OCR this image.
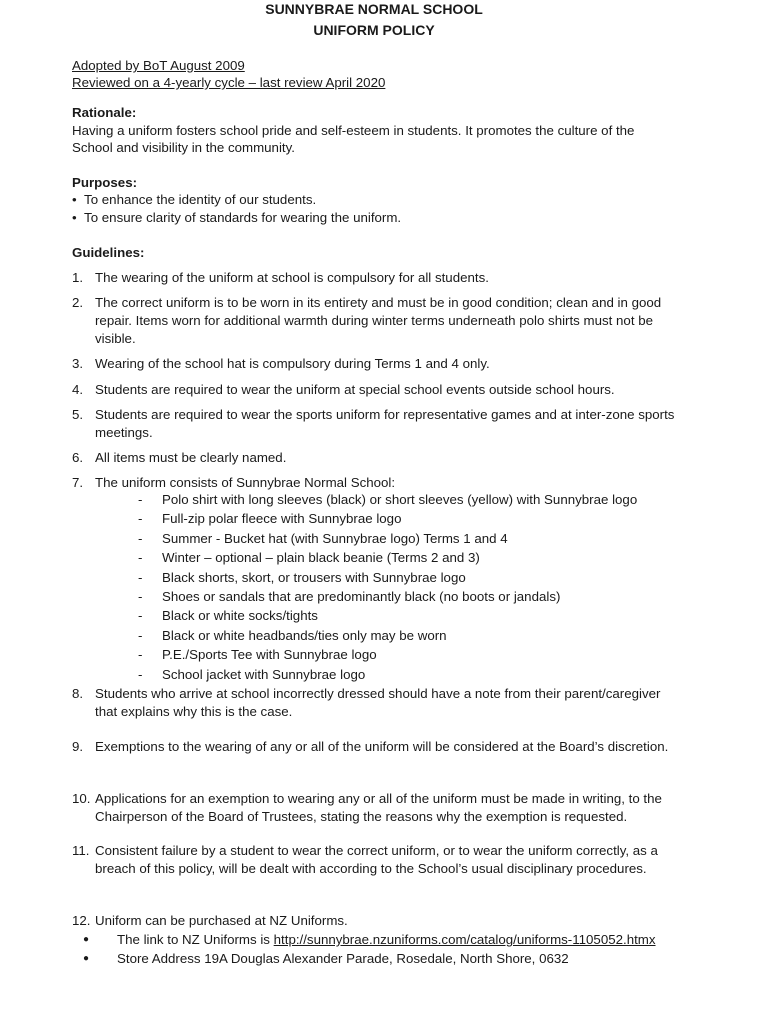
SUNNYBRAE NORMAL SCHOOL
UNIFORM POLICY
Adopted by BoT August 2009
Reviewed on a 4-yearly cycle – last review April 2020
Rationale:
Having a uniform fosters school pride and self-esteem in students. It promotes the culture of the
School and visibility in the community.
Purposes:
•  To enhance the identity of our students.
•  To ensure clarity of standards for wearing the uniform.
Guidelines:
1. The wearing of the uniform at school is compulsory for all students.
2. The correct uniform is to be worn in its entirety and must be in good condition; clean and in good repair. Items worn for additional warmth during winter terms underneath polo shirts must not be visible.
3. Wearing of the school hat is compulsory during Terms 1 and 4 only.
4. Students are required to wear the uniform at special school events outside school hours.
5. Students are required to wear the sports uniform for representative games and at inter-zone sports meetings.
6. All items must be clearly named.
7. The uniform consists of Sunnybrae Normal School:
- Polo shirt with long sleeves (black) or short sleeves (yellow) with Sunnybrae logo
- Full-zip polar fleece with Sunnybrae logo
- Summer - Bucket hat (with Sunnybrae logo) Terms 1 and 4
- Winter – optional – plain black beanie (Terms 2 and 3)
- Black shorts, skort, or trousers with Sunnybrae logo
- Shoes or sandals that are predominantly black (no boots or jandals)
- Black or white socks/tights
- Black or white headbands/ties only may be worn
- P.E./Sports Tee with Sunnybrae logo
- School jacket with Sunnybrae logo
8. Students who arrive at school incorrectly dressed should have a note from their parent/caregiver that explains why this is the case.
9. Exemptions to the wearing of any or all of the uniform will be considered at the Board’s discretion.
10. Applications for an exemption to wearing any or all of the uniform must be made in writing, to the Chairperson of the Board of Trustees, stating the reasons why the exemption is requested.
11. Consistent failure by a student to wear the correct uniform, or to wear the uniform correctly, as a breach of this policy, will be dealt with according to the School’s usual disciplinary procedures.
12. Uniform can be purchased at NZ Uniforms.
● The link to NZ Uniforms is http://sunnybrae.nzuniforms.com/catalog/uniforms-1105052.htmx
● Store Address 19A Douglas Alexander Parade, Rosedale, North Shore, 0632
